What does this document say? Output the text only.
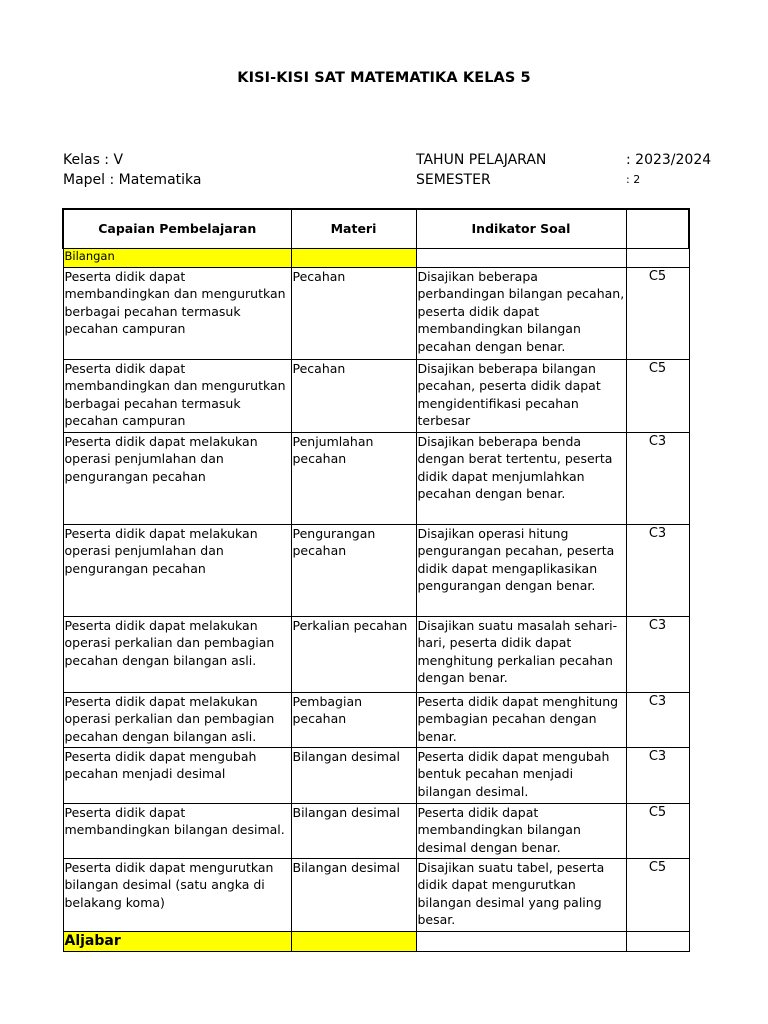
KISI-KISI SAT MATEMATIKA KELAS 5
Kelas : V
Mapel : Matematika
TAHUN PELAJARAN
SEMESTER
: 2023/2024
: 2
Capaian Pembelajaran	Materi	Indikator Soal	
Bilangan			
Peserta didik dapat membandingkan dan mengurutkan berbagai pecahan termasuk pecahan campuran	Pecahan	Disajikan beberapa perbandingan bilangan pecahan, peserta didik dapat membandingkan bilangan pecahan dengan benar.	C5
Peserta didik dapat membandingkan dan mengurutkan berbagai pecahan termasuk pecahan campuran	Pecahan	Disajikan beberapa bilangan pecahan, peserta didik dapat mengidentifikasi pecahan terbesar	C5
Peserta didik dapat melakukan operasi penjumlahan dan pengurangan pecahan	Penjumlahan pecahan	Disajikan beberapa benda dengan berat tertentu, peserta didik dapat menjumlahkan pecahan dengan benar.	C3
Peserta didik dapat melakukan operasi penjumlahan dan pengurangan pecahan	Pengurangan pecahan	Disajikan operasi hitung pengurangan pecahan, peserta didik dapat mengaplikasikan pengurangan dengan benar.	C3
Peserta didik dapat melakukan operasi perkalian dan pembagian pecahan dengan bilangan asli.	Perkalian pecahan	Disajikan suatu masalah sehari-hari, peserta didik dapat menghitung perkalian pecahan dengan benar.	C3
Peserta didik dapat melakukan operasi perkalian dan pembagian pecahan dengan bilangan asli.	Pembagian pecahan	Peserta didik dapat menghitung pembagian pecahan dengan benar.	C3
Peserta didik dapat mengubah pecahan menjadi desimal	Bilangan desimal	Peserta didik dapat mengubah bentuk pecahan menjadi bilangan desimal.	C3
Peserta didik dapat membandingkan bilangan desimal.	Bilangan desimal	Peserta didik dapat membandingkan bilangan desimal dengan benar.	C5
Peserta didik dapat mengurutkan bilangan desimal (satu angka di belakang koma)	Bilangan desimal	Disajikan suatu tabel, peserta didik dapat mengurutkan bilangan desimal yang paling besar.	C5
Aljabar			
